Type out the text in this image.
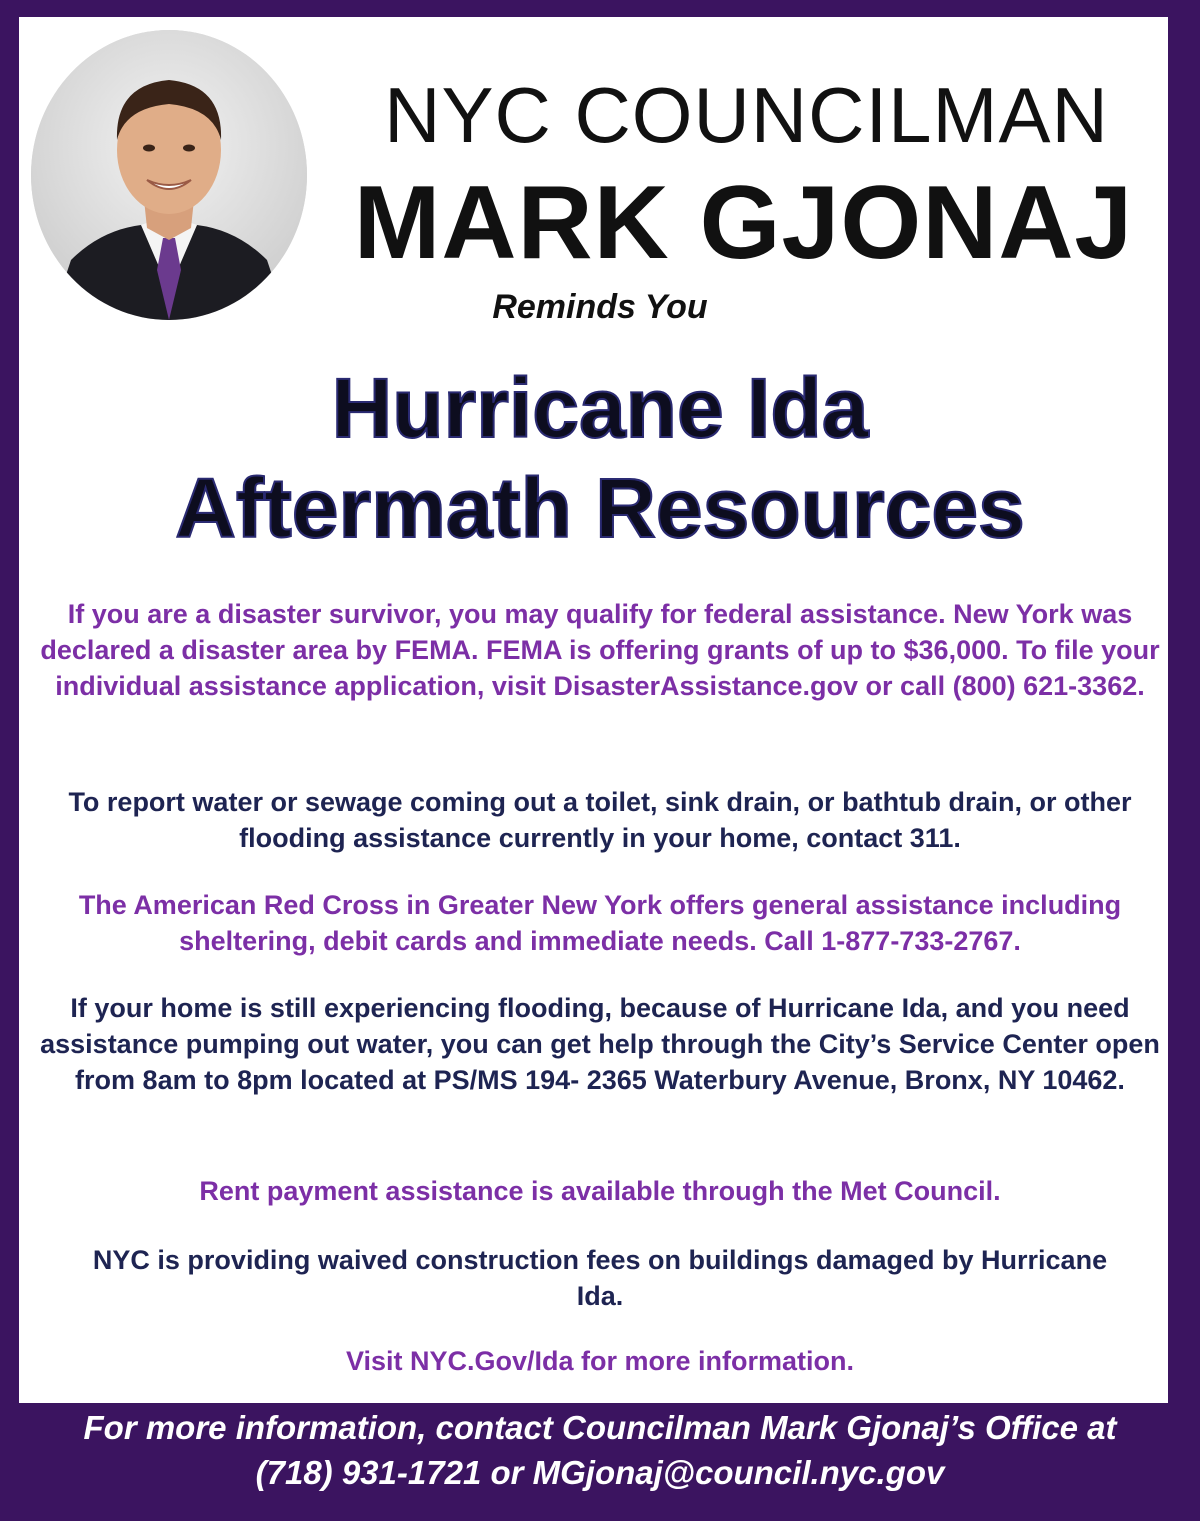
NYC COUNCILMAN
MARK GJONAJ
Reminds You
Hurricane Ida
Aftermath Resources
If you are a disaster survivor, you may qualify for federal assistance. New York was declared a disaster area by FEMA. FEMA is offering grants of up to $36,000. To file your individual assistance application, visit DisasterAssistance.gov or call (800) 621-3362.
To report water or sewage coming out a toilet, sink drain, or bathtub drain, or other flooding assistance currently in your home, contact 311.
The American Red Cross in Greater New York offers general assistance including sheltering, debit cards and immediate needs. Call 1-877-733-2767.
If your home is still experiencing flooding, because of Hurricane Ida, and you need assistance pumping out water, you can get help through the City’s Service Center open from 8am to 8pm located at PS/MS 194- 2365 Waterbury Avenue, Bronx, NY 10462.
Rent payment assistance is available through the Met Council.
NYC is providing waived construction fees on buildings damaged by Hurricane Ida.
Visit NYC.Gov/Ida for more information.
For more information, contact Councilman Mark Gjonaj’s Office at
(718) 931-1721 or MGjonaj@council.nyc.gov
